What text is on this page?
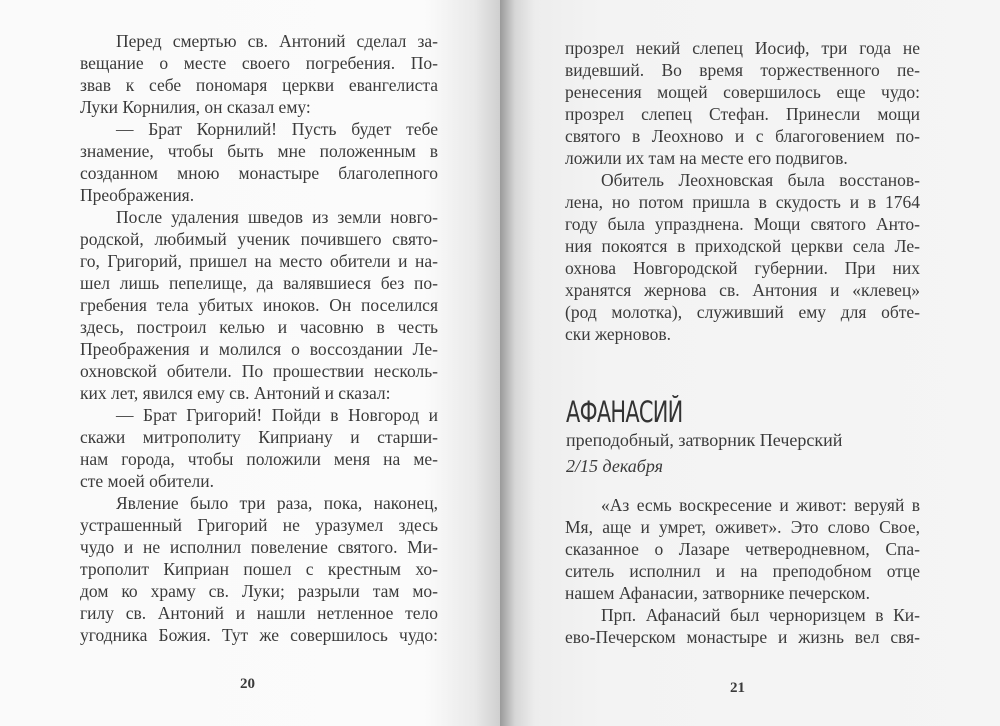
Перед смертью св. Антоний сделал за-
вещание о месте своего погребения. По-
звав к себе пономаря церкви евангелиста
Луки Корнилия, он сказал ему:
— Брат Корнилий! Пусть будет тебе
знамение, чтобы быть мне положенным в
созданном мною монастыре благолепного
Преображения.
После удаления шведов из земли новго-
родской, любимый ученик почившего свято-
го, Григорий, пришел на место обители и на-
шел лишь пепелище, да валявшиеся без по-
гребения тела убитых иноков. Он поселился
здесь, построил келью и часовню в честь
Преображения и молился о воссоздании Ле-
охновской обители. По прошествии несколь-
ких лет, явился ему св. Антоний и сказал:
— Брат Григорий! Пойди в Новгород и
скажи митрополиту Киприану и старши-
нам города, чтобы положили меня на ме-
сте моей обители.
Явление было три раза, пока, наконец,
устрашенный Григорий не уразумел здесь
чудо и не исполнил повеление святого. Ми-
трополит Киприан пошел с крестным хо-
дом ко храму св. Луки; разрыли там мо-
гилу св. Антоний и нашли нетленное тело
угодника Божия. Тут же совершилось чудо:
20
прозрел некий слепец Иосиф, три года не
видевший. Во время торжественного пе-
ренесения мощей совершилось еще чудо:
прозрел слепец Стефан. Принесли мощи
святого в Леохново и с благоговением по-
ложили их там на месте его подвигов.
Обитель Леохновская была восстанов-
лена, но потом пришла в скудость и в 1764
году была упразднена. Мощи святого Анто-
ния покоятся в приходской церкви села Ле-
охнова Новгородской губернии. При них
хранятся жернова св. Антония и «клевец»
(род молотка), служивший ему для обте-
ски жерновов.
АФАНАСИЙ
преподобный, затворник Печерский
2/15 декабря
«Аз есмь воскресение и живот: веруяй в
Мя, аще и умрет, оживет». Это слово Свое,
сказанное о Лазаре четверодневном, Спа-
ситель исполнил и на преподобном отце
нашем Афанасии, затворнике печерском.
Прп. Афанасий был черноризцем в Ки-
ево-Печерском монастыре и жизнь вел свя-
21
